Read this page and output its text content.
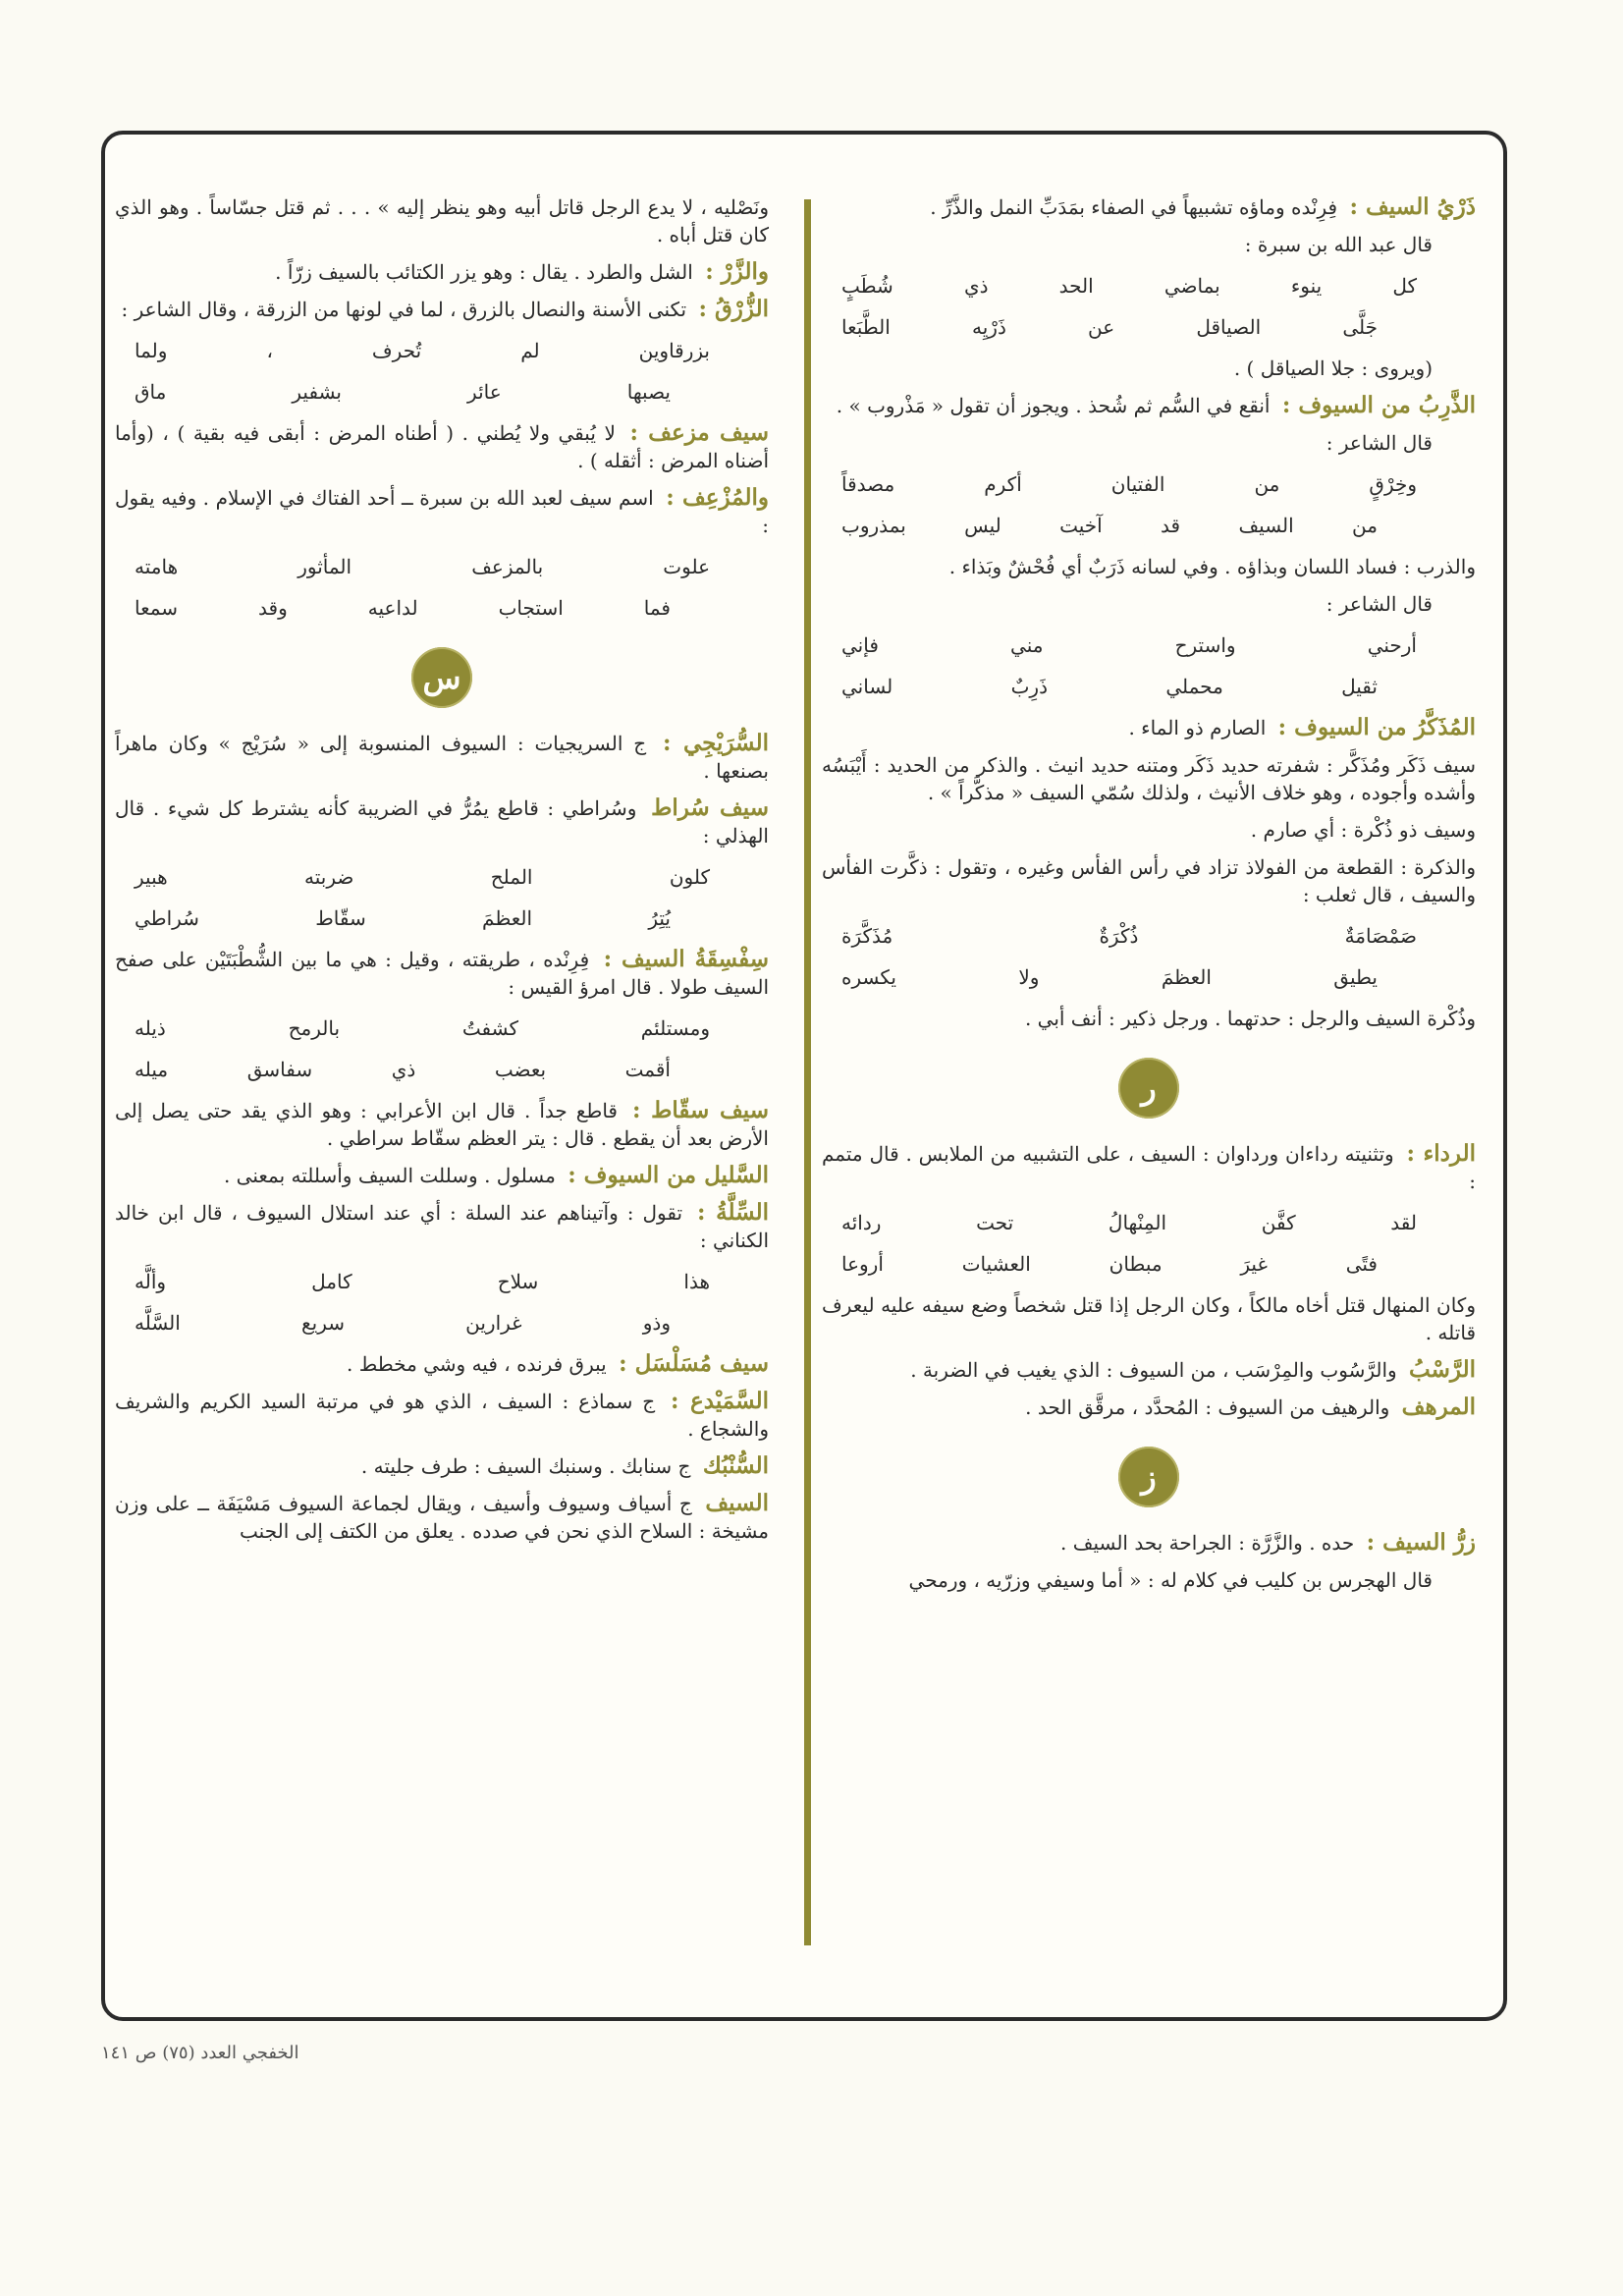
ذَرْيُ السيف : فِرِنْده وماؤه تشبيهاً في الصفاء بمَدَبِّ النمل والذَّرِّ .

قال عبد الله بن سبرة :

كل ينوء بماضي الحد ذي شُطَبٍ
جَلَّى الصياقل عن ذَرْيِه الطَّبَعا

(ويروى : جلا الصياقل ) .

الذَّرِبُ من السيوف : أنقع في السُّم ثم شُحذ . ويجوز أن تقول « مَذْروب » .

قال الشاعر :

وخِرْقٍ من الفتيان أكرم مصدقاً
من السيف قد آخيت ليس بمذروب

والذرب : فساد اللسان وبذاؤه . وفي لسانه ذَرَبٌ أي فُحْشٌ وبَذاء .

قال الشاعر :

أرحني واسترح مني فإني
ثقيل محملي ذَرِبٌ لساني

المُذَكَّرُ من السيوف : الصارم ذو الماء .

سيف ذَكَر ومُذَكَّر : شفرته حديد ذَكَر ومتنه حديد انيث . والذكر من الحديد : أَيْبَسُه وأشده وأجوده ، وهو خلاف الأنيث ، ولذلك سُمّي السيف « مذكَّراً » .

وسيف ذو ذُكْرة : أي صارم .

والذكرة : القطعة من الفولاذ تزاد في رأس الفأس وغيره ، وتقول : ذكَّرت الفأس والسيف ، قال ثعلب :

صَمْصَامَةٌ ذُكْرَةٌ مُذَكَّرَة
يطيق العظمَ ولا يكسره

وذُكْرة السيف والرجل : حدتهما . ورجل ذكير : أنف أبي .

ر

الرداء : وتثنيته رداءان ورداوان : السيف ، على التشبيه من الملابس . قال متمم :

لقد كفَّن المِنْهالُ تحت ردائه
فتًى غيرَ مبطان العشيات أروعا

وكان المنهال قتل أخاه مالكاً ، وكان الرجل إذا قتل شخصاً وضع سيفه عليه ليعرف قاتله .

الرَّسْبُ والرَّسُوب والمِرْسَب ، من السيوف : الذي يغيب في الضربة .

المرهف والرهيف من السيوف : المُحدَّد ، مرقَّق الحد .

ز

زرُّ السيف : حده . والزَّرَّة : الجراحة بحد السيف .

قال الهجرس بن كليب في كلام له : « أما وسيفي وزرّيه ، ورمحي

ونَصْليه ، لا يدع الرجل قاتل أبيه وهو ينظر إليه » . . . ثم قتل جسّاساً . وهو الذي كان قتل أباه .

والزَّرْ : الشل والطرد . يقال : وهو يزر الكتائب بالسيف زرّاً .

الزُّرْقُ : تكنى الأسنة والنصال بالزرق ، لما في لونها من الزرقة ، وقال الشاعر :

بزرقاوين لم تُحرف ، ولما
يصبها عائر بشفير ماق

سيف مزعف : لا يُبقي ولا يُطني . ( أطناه المرض : أبقى فيه بقية ) ، (وأما أضناه المرض : أثقله ) .

والمُزْعِف : اسم سيف لعبد الله بن سبرة ــ أحد الفتاك في الإسلام . وفيه يقول :

علوت بالمزعف المأثور هامته
فما استجاب لداعيه وقد سمعا
س

السُّرَيْجِي : ج السريجيات : السيوف المنسوبة إلى « سُرَيْج » وكان ماهراً بصنعها .

سيف سُراط وسُراطي : قاطع يمُرُّ في الضريبة كأنه يشترط كل شيء . قال الهذلي :

كلون الملح ضربته هبير
يُتِرُ العظمَ سقّاط سُراطي

سِفْسِقَةُ السيف : فِرِنْده ، طريقته ، وقيل : هي ما بين الشُّطْبَتَيْن على صفح السيف طولا . قال امرؤ القيس :

ومستلئم كشفتُ بالرمح ذيله
أقمت بعضب ذي سفاسق ميله

سيف سقّاط : قاطع جداً . قال ابن الأعرابي : وهو الذي يقد حتى يصل إلى الأرض بعد أن يقطع . قال : يتر العظم سقّاط سراطي .

السَّليل من السيوف : مسلول . وسللت السيف وأسللته بمعنى .

السِّلَّةُ : تقول : وآتيناهم عند السلة : أي عند استلال السيوف ، قال ابن خالد الكناني :

هذا سلاح كامل وألَّه
وذو غرارين سريع السَّلَّه

سيف مُسَلْسَل : يبرق فرنده ، فيه وشي مخطط .

السَّمَيْدع : ج سماذع : السيف ، الذي هو في مرتبة السيد الكريم والشريف والشجاع .

السُّنْبُك ج سنابك . وسنبك السيف : طرف جليته .

السيف ج أسياف وسيوف وأسيف ، ويقال لجماعة السيوف مَسْيَفَة ــ على وزن مشيخة : السلاح الذي نحن في صدده . يعلق من الكتف إلى الجنب

الخفجي العدد (٧٥) ص ١٤١
